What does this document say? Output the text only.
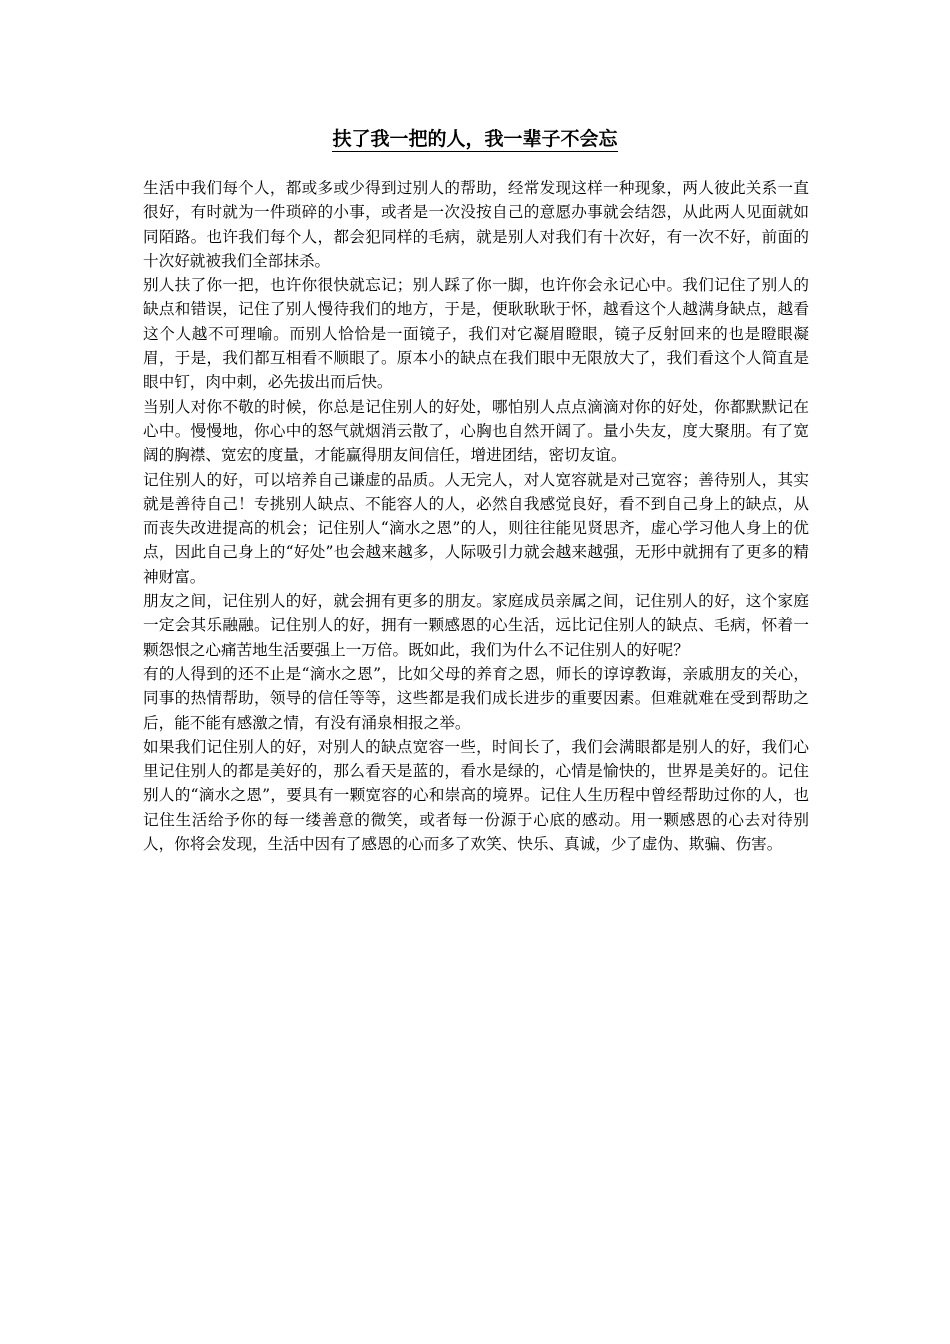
扶了我一把的人，我一辈子不会忘

生活中我们每个人，都或多或少得到过别人的帮助，经常发现这样一种现象，两人彼此关系一直很好，有时就为一件琐碎的小事，或者是一次没按自己的意愿办事就会结怨，从此两人见面就如同陌路。也许我们每个人，都会犯同样的毛病，就是别人对我们有十次好，有一次不好，前面的十次好就被我们全部抹杀。

别人扶了你一把，也许你很快就忘记；别人踩了你一脚，也许你会永记心中。我们记住了别人的缺点和错误，记住了别人慢待我们的地方，于是，便耿耿耿于怀，越看这个人越满身缺点，越看这个人越不可理喻。而别人恰恰是一面镜子，我们对它凝眉瞪眼，镜子反射回来的也是瞪眼凝眉，于是，我们都互相看不顺眼了。原本小的缺点在我们眼中无限放大了，我们看这个人简直是眼中钉，肉中刺，必先拔出而后快。

当别人对你不敬的时候，你总是记住别人的好处，哪怕别人点点滴滴对你的好处，你都默默记在心中。慢慢地，你心中的怒气就烟消云散了，心胸也自然开阔了。量小失友，度大聚朋。有了宽阔的胸襟、宽宏的度量，才能赢得朋友间信任，增进团结，密切友谊。

记住别人的好，可以培养自己谦虚的品质。人无完人，对人宽容就是对己宽容；善待别人，其实就是善待自己！专挑别人缺点、不能容人的人，必然自我感觉良好，看不到自己身上的缺点，从而丧失改进提高的机会；记住别人“滴水之恩”的人，则往往能见贤思齐，虚心学习他人身上的优点，因此自己身上的“好处”也会越来越多，人际吸引力就会越来越强，无形中就拥有了更多的精神财富。

朋友之间，记住别人的好，就会拥有更多的朋友。家庭成员亲属之间，记住别人的好，这个家庭一定会其乐融融。记住别人的好，拥有一颗感恩的心生活，远比记住别人的缺点、毛病，怀着一颗怨恨之心痛苦地生活要强上一万倍。既如此，我们为什么不记住别人的好呢？

有的人得到的还不止是“滴水之恩”，比如父母的养育之恩，师长的谆谆教诲，亲戚朋友的关心，同事的热情帮助，领导的信任等等，这些都是我们成长进步的重要因素。但难就难在受到帮助之后，能不能有感激之情，有没有涌泉相报之举。

如果我们记住别人的好，对别人的缺点宽容一些，时间长了，我们会满眼都是别人的好，我们心里记住别人的都是美好的，那么看天是蓝的，看水是绿的，心情是愉快的，世界是美好的。记住别人的“滴水之恩”，要具有一颗宽容的心和崇高的境界。记住人生历程中曾经帮助过你的人，也记住生活给予你的每一缕善意的微笑，或者每一份源于心底的感动。用一颗感恩的心去对待别人，你将会发现，生活中因有了感恩的心而多了欢笑、快乐、真诚，少了虚伪、欺骗、伤害。
